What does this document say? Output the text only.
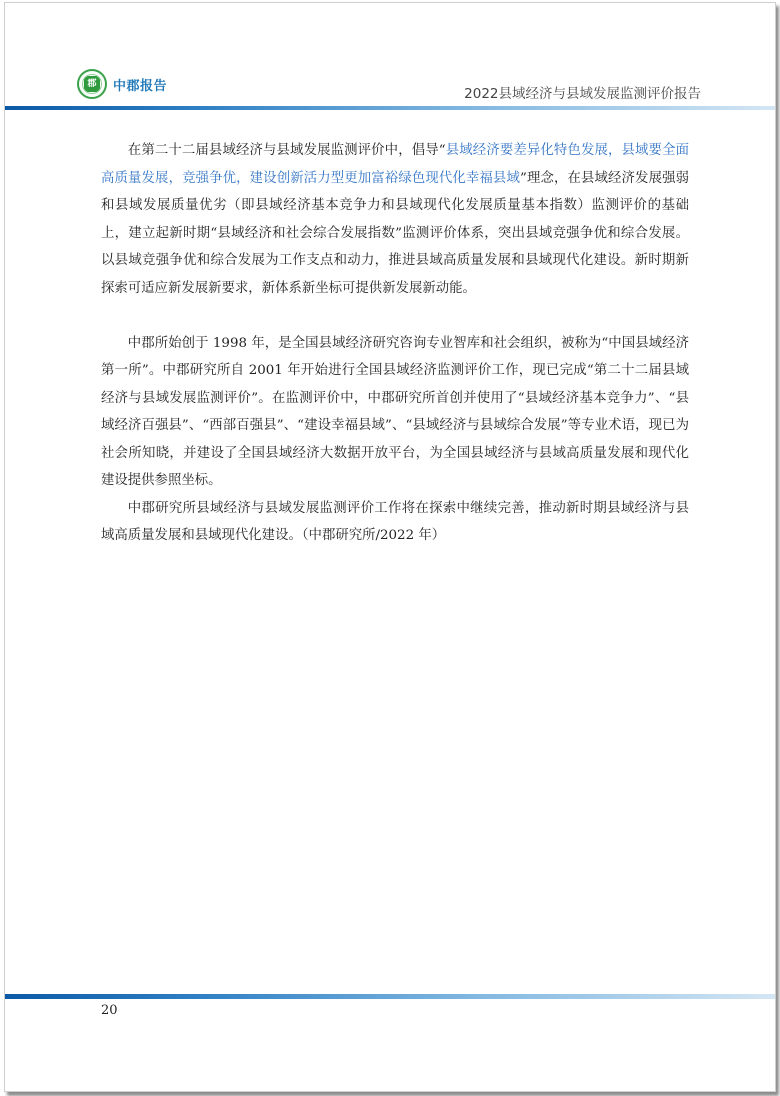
郡 中郡报告	2022县域经济与县域发展监测评价报告

在第二十二届县域经济与县域发展监测评价中，倡导“县域经济要差异化特色发展，县域要全面高质量发展，竞强争优，建设创新活力型更加富裕绿色现代化幸福县域”理念，在县域经济发展强弱和县域发展质量优劣（即县域经济基本竞争力和县域现代化发展质量基本指数）监测评价的基础上，建立起新时期“县域经济和社会综合发展指数”监测评价体系，突出县域竞强争优和综合发展。以县域竞强争优和综合发展为工作支点和动力，推进县域高质量发展和县域现代化建设。新时期新探索可适应新发展新要求，新体系新坐标可提供新发展新动能。

中郡所始创于 1998 年，是全国县域经济研究咨询专业智库和社会组织，被称为“中国县域经济第一所”。中郡研究所自 2001 年开始进行全国县域经济监测评价工作，现已完成“第二十二届县域经济与县域发展监测评价”。在监测评价中，中郡研究所首创并使用了“县域经济基本竞争力”、“县域经济百强县”、“西部百强县”、“建设幸福县域”、“县域经济与县域综合发展”等专业术语，现已为社会所知晓，并建设了全国县域经济大数据开放平台，为全国县域经济与县域高质量发展和现代化建设提供参照坐标。

中郡研究所县域经济与县域发展监测评价工作将在探索中继续完善，推动新时期县域经济与县域高质量发展和县域现代化建设。（中郡研究所/2022 年）

20
